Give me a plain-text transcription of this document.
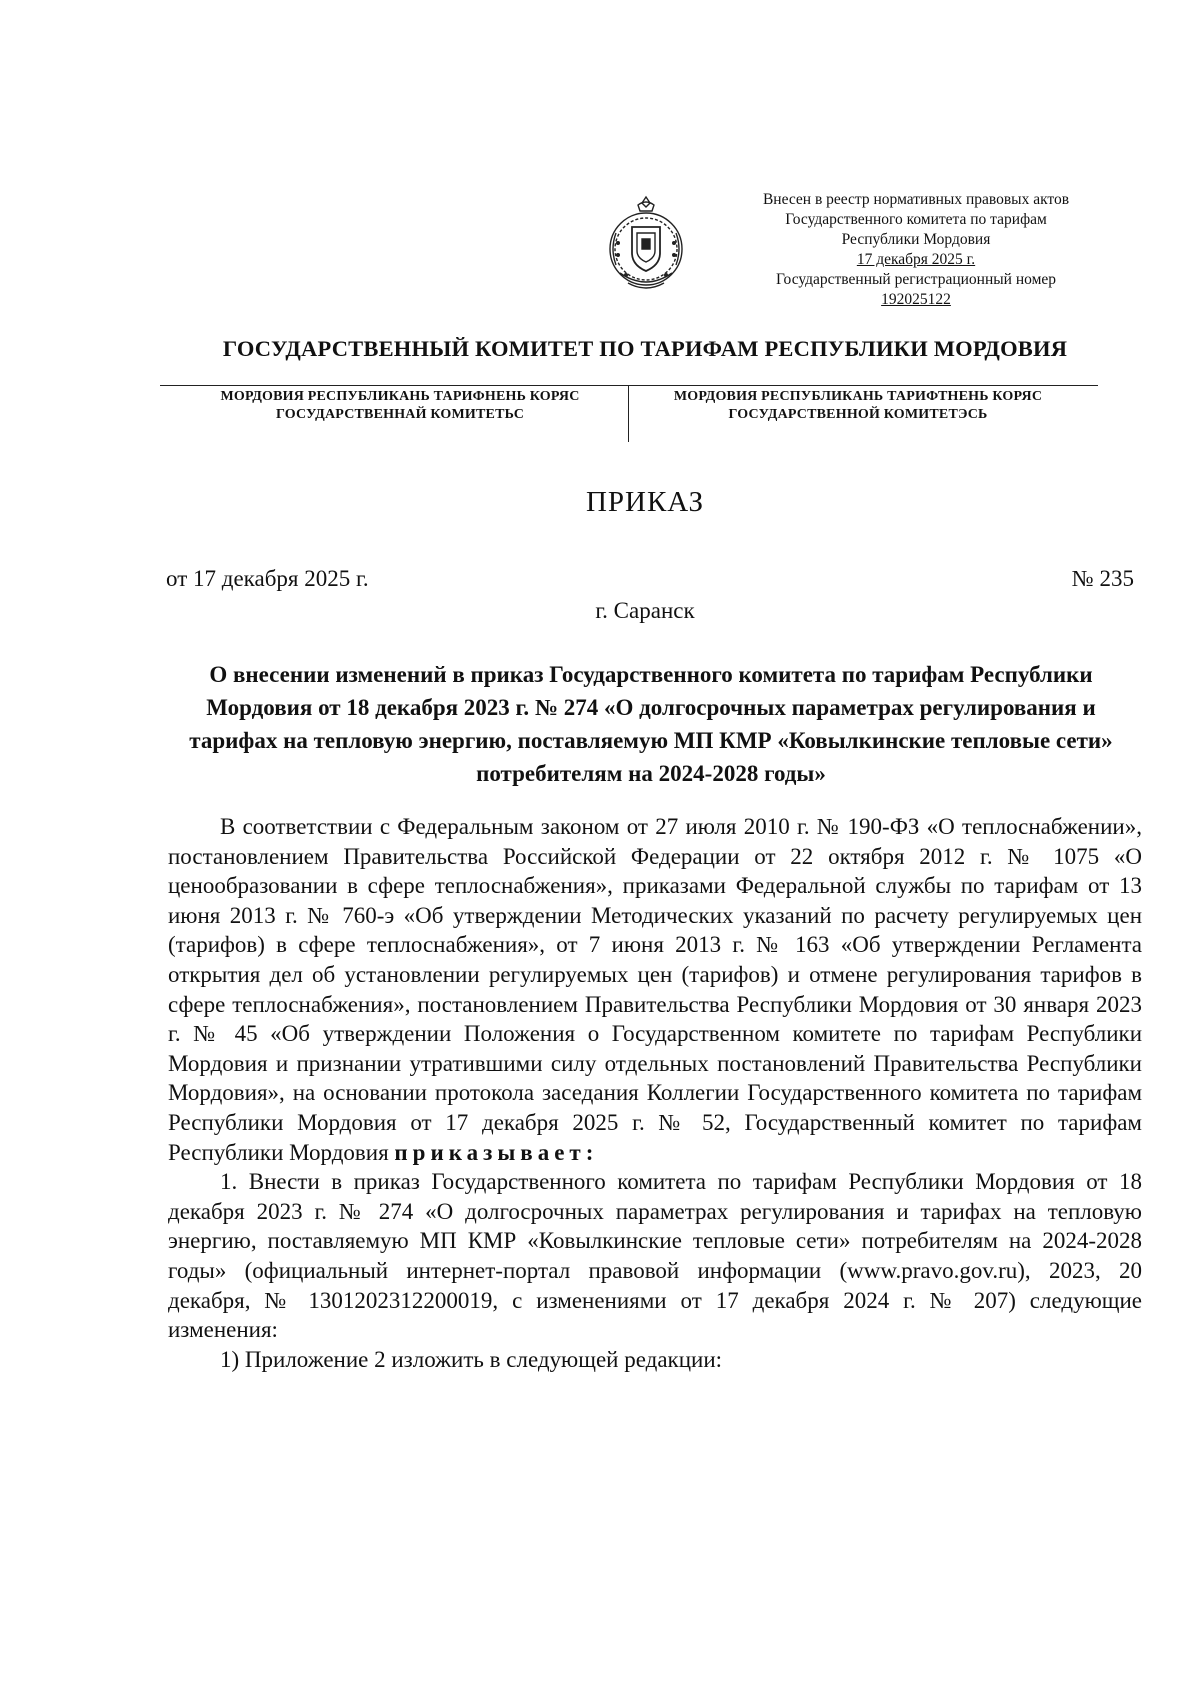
Внесен в реестр нормативных правовых актов
Государственного комитета по тарифам
Республики Мордовия
17 декабря 2025 г.
Государственный регистрационный номер
192025122
ГОСУДАРСТВЕННЫЙ КОМИТЕТ ПО ТАРИФАМ РЕСПУБЛИКИ МОРДОВИЯ
МОРДОВИЯ РЕСПУБЛИКАНЬ ТАРИФНЕНЬ КОРЯС
ГОСУДАРСТВЕННАЙ КОМИТЕТЬС
МОРДОВИЯ РЕСПУБЛИКАНЬ ТАРИФТНЕНЬ КОРЯС
ГОСУДАРСТВЕННОЙ КОМИТЕТЭСЬ
ПРИКАЗ
от 17 декабря 2025 г.	№ 235
г. Саранск
О внесении изменений в приказ Государственного комитета по тарифам Республики Мордовия от 18 декабря 2023 г. № 274 «О долгосрочных параметрах регулирования и тарифах на тепловую энергию, поставляемую МП КМР «Ковылкинские тепловые сети» потребителям на 2024-2028 годы»

В соответствии с Федеральным законом от 27 июля 2010 г. № 190-ФЗ «О теплоснабжении», постановлением Правительства Российской Федерации от 22 октября 2012 г. № 1075 «О ценообразовании в сфере теплоснабжения», приказами Федеральной службы по тарифам от 13 июня 2013 г. № 760-э «Об утверждении Методических указаний по расчету регулируемых цен (тарифов) в сфере теплоснабжения», от 7 июня 2013 г. № 163 «Об утверждении Регламента открытия дел об установлении регулируемых цен (тарифов) и отмене регулирования тарифов в сфере теплоснабжения», постановлением Правительства Республики Мордовия от 30 января 2023 г. № 45 «Об утверждении Положения о Государственном комитете по тарифам Республики Мордовия и признании утратившими силу отдельных постановлений Правительства Республики Мордовия», на основании протокола заседания Коллегии Государственного комитета по тарифам Республики Мордовия от 17 декабря 2025 г. № 52, Государственный комитет по тарифам Республики Мордовия приказывает:

1. Внести в приказ Государственного комитета по тарифам Республики Мордовия от 18 декабря 2023 г. № 274 «О долгосрочных параметрах регулирования и тарифах на тепловую энергию, поставляемую МП КМР «Ковылкинские тепловые сети» потребителям на 2024-2028 годы» (официальный интернет-портал правовой информации (www.pravo.gov.ru), 2023, 20 декабря, № 1301202312200019, с изменениями от 17 декабря 2024 г. № 207) следующие изменения:

1) Приложение 2 изложить в следующей редакции:
